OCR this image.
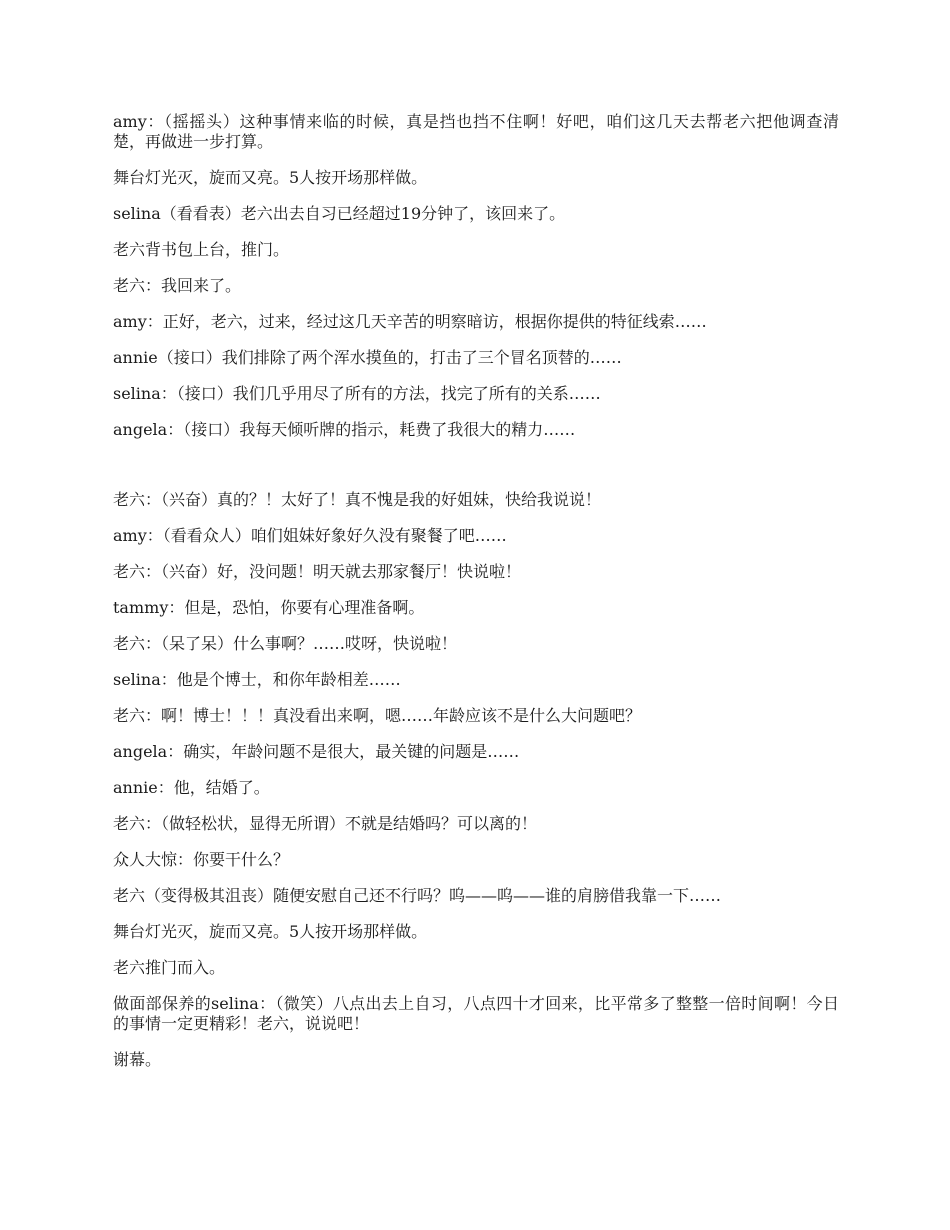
amy：（摇摇头）这种事情来临的时候，真是挡也挡不住啊！好吧，咱们这几天去帮老六把他调查清楚，再做进一步打算。

舞台灯光灭，旋而又亮。5人按开场那样做。

selina（看看表）老六出去自习已经超过19分钟了，该回来了。

老六背书包上台，推门。

老六：我回来了。

amy：正好，老六，过来，经过这几天辛苦的明察暗访，根据你提供的特征线索……

annie（接口）我们排除了两个浑水摸鱼的，打击了三个冒名顶替的……

selina：（接口）我们几乎用尽了所有的方法，找完了所有的关系……

angela：（接口）我每天倾听牌的指示，耗费了我很大的精力……

老六：（兴奋）真的？！太好了！真不愧是我的好姐妹，快给我说说！

amy：（看看众人）咱们姐妹好象好久没有聚餐了吧……

老六：（兴奋）好，没问题！明天就去那家餐厅！快说啦！

tammy：但是，恐怕，你要有心理准备啊。

老六：（呆了呆）什么事啊？……哎呀，快说啦！

selina：他是个博士，和你年龄相差……

老六：啊！博士！！！真没看出来啊，嗯……年龄应该不是什么大问题吧？

angela：确实，年龄问题不是很大，最关键的问题是……

annie：他，结婚了。

老六：（做轻松状，显得无所谓）不就是结婚吗？可以离的！

众人大惊：你要干什么？

老六（变得极其沮丧）随便安慰自己还不行吗？呜——呜——谁的肩膀借我靠一下……

舞台灯光灭，旋而又亮。5人按开场那样做。

老六推门而入。

做面部保养的selina：（微笑）八点出去上自习，八点四十才回来，比平常多了整整一倍时间啊！今日的事情一定更精彩！老六，说说吧！

谢幕。
